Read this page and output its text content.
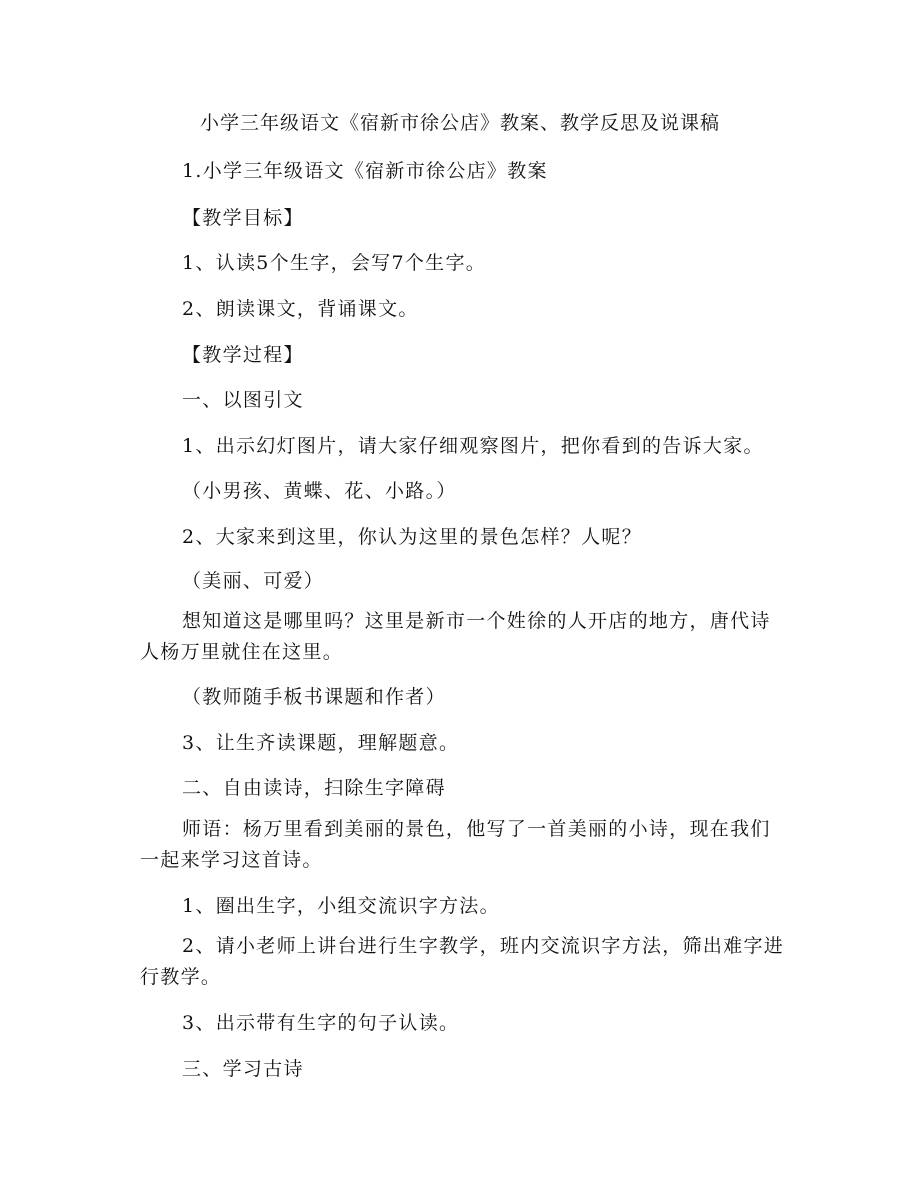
小学三年级语文《宿新市徐公店》教案、教学反思及说课稿
1.小学三年级语文《宿新市徐公店》教案
【教学目标】
1、认读5个生字，会写7个生字。
2、朗读课文，背诵课文。
【教学过程】
一、以图引文
1、出示幻灯图片，请大家仔细观察图片，把你看到的告诉大家。
（小男孩、黄蝶、花、小路。）
2、大家来到这里，你认为这里的景色怎样？人呢？
（美丽、可爱）
想知道这是哪里吗？这里是新市一个姓徐的人开店的地方，唐代诗人杨万里就住在这里。
（教师随手板书课题和作者）
3、让生齐读课题，理解题意。
二、自由读诗，扫除生字障碍
师语：杨万里看到美丽的景色，他写了一首美丽的小诗，现在我们一起来学习这首诗。
1、圈出生字，小组交流识字方法。
2、请小老师上讲台进行生字教学，班内交流识字方法，筛出难字进行教学。
3、出示带有生字的句子认读。
三、学习古诗
